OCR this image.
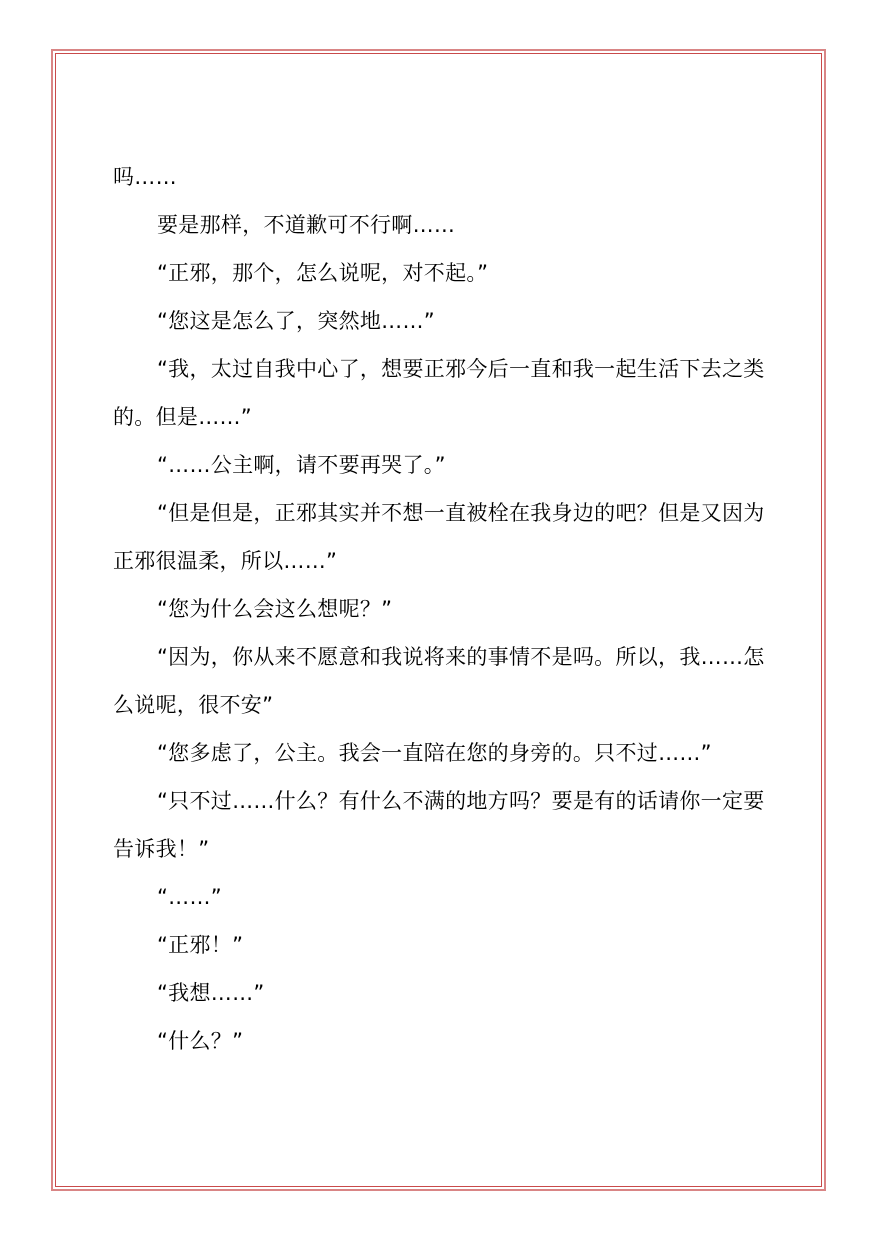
吗……

要是那样，不道歉可不行啊……

“正邪，那个，怎么说呢，对不起。”

“您这是怎么了，突然地……”

“我，太过自我中心了，想要正邪今后一直和我一起生活下去之类的。但是……”

“……公主啊，请不要再哭了。”

“但是但是，正邪其实并不想一直被栓在我身边的吧？但是又因为正邪很温柔，所以……”

“您为什么会这么想呢？”

“因为，你从来不愿意和我说将来的事情不是吗。所以，我……怎么说呢，很不安”

“您多虑了，公主。我会一直陪在您的身旁的。只不过……”

“只不过……什么？有什么不满的地方吗？要是有的话请你一定要告诉我！”

“……”

“正邪！”

“我想……”

“什么？”
